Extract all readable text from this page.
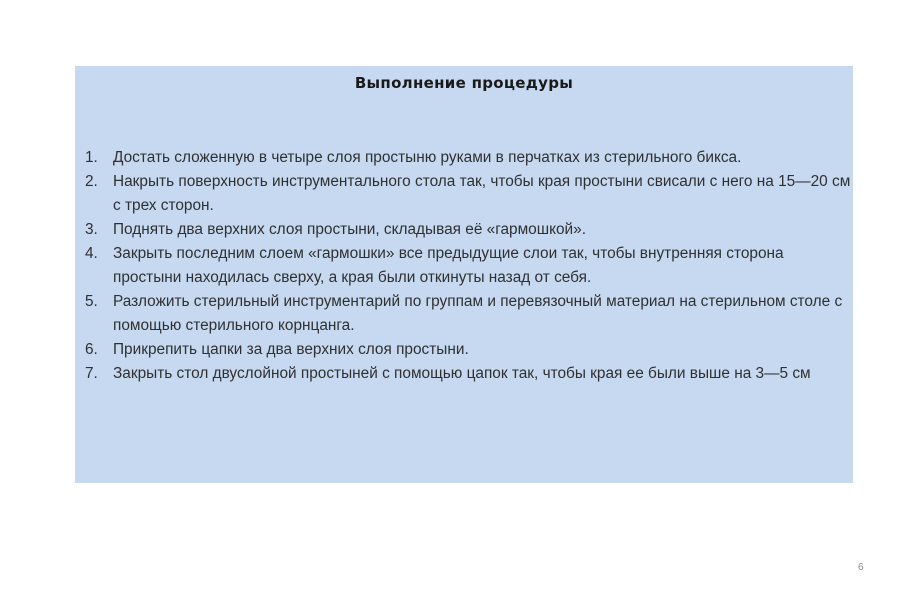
Выполнение процедуры
1. Достать сложенную в четыре слоя простыню руками в перчатках из стерильного бикса.
2. Накрыть поверхность инструментального стола так, чтобы края простыни свисали с него на 15—20 см с трех сторон.
3. Поднять два верхних слоя простыни, складывая её «гармошкой».
4. Закрыть последним слоем «гармошки» все предыдущие слои так, чтобы внутренняя сторона простыни находилась сверху, а края были откинуты назад от себя.
5. Разложить стерильный инструментарий по группам и перевязочный материал на стерильном столе с помощью стерильного корнцанга.
6. Прикрепить цапки за два верхних слоя простыни.
7. Закрыть стол двуслойной простыней с помощью цапок так, чтобы края ее были выше на 3—5 см
6
